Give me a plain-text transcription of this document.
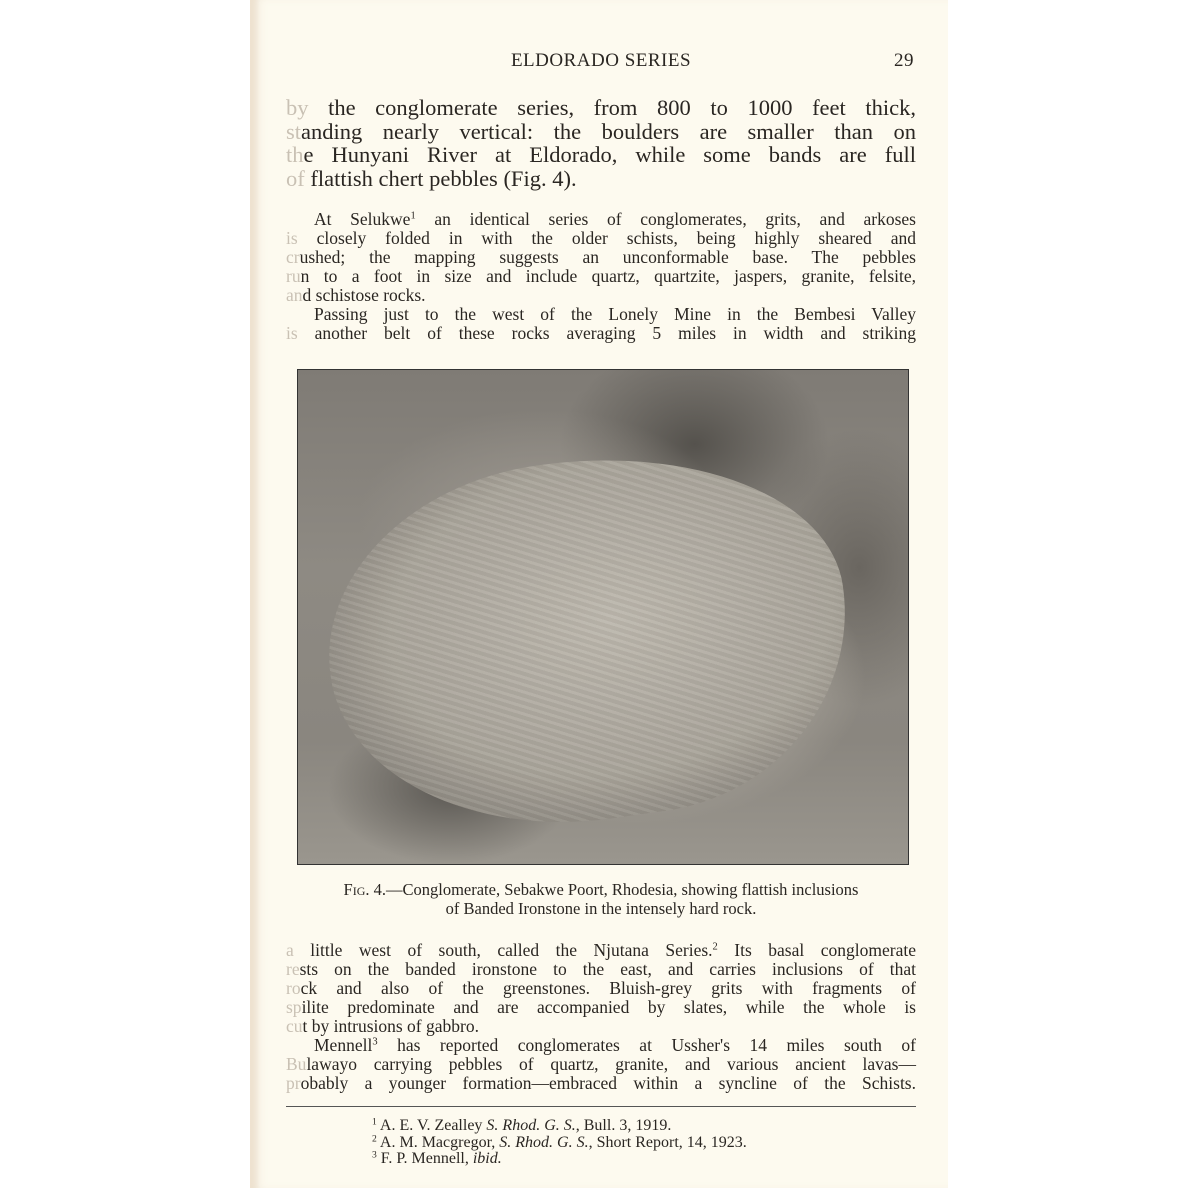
ELDORADO SERIES	29

by the conglomerate series, from 800 to 1000 feet thick,

standing nearly vertical: the boulders are smaller than on

the Hunyani River at Eldorado, while some bands are full

of flattish chert pebbles (Fig. 4).

At Selukwe$^1$ an identical series of conglomerates, grits, and arkoses

is closely folded in with the older schists, being highly sheared and

crushed; the mapping suggests an unconformable base. The pebbles

run to a foot in size and include quartz, quartzite, jaspers, granite, felsite,

and schistose rocks.

Passing just to the west of the Lonely Mine in the Bembesi Valley

is another belt of these rocks averaging 5 miles in width and striking

Fig. 4.—Conglomerate, Sebakwe Poort, Rhodesia, showing flattish inclusions
of Banded Ironstone in the intensely hard rock.

a little west of south, called the Njutana Series.$^2$ Its basal conglomerate

rests on the banded ironstone to the east, and carries inclusions of that

rock and also of the greenstones. Bluish-grey grits with fragments of

spilite predominate and are accompanied by slates, while the whole is

cut by intrusions of gabbro.

Mennell$^3$ has reported conglomerates at Ussher's 14 miles south of

Bulawayo carrying pebbles of quartz, granite, and various ancient lavas—

probably a younger formation—embraced within a syncline of the Schists.

$^1$ A. E. V. Zealley S. Rhod. G. S., Bull. 3, 1919.
$^2$ A. M. Macgregor, S. Rhod. G. S., Short Report, 14, 1923.
$^3$ F. P. Mennell, ibid.
